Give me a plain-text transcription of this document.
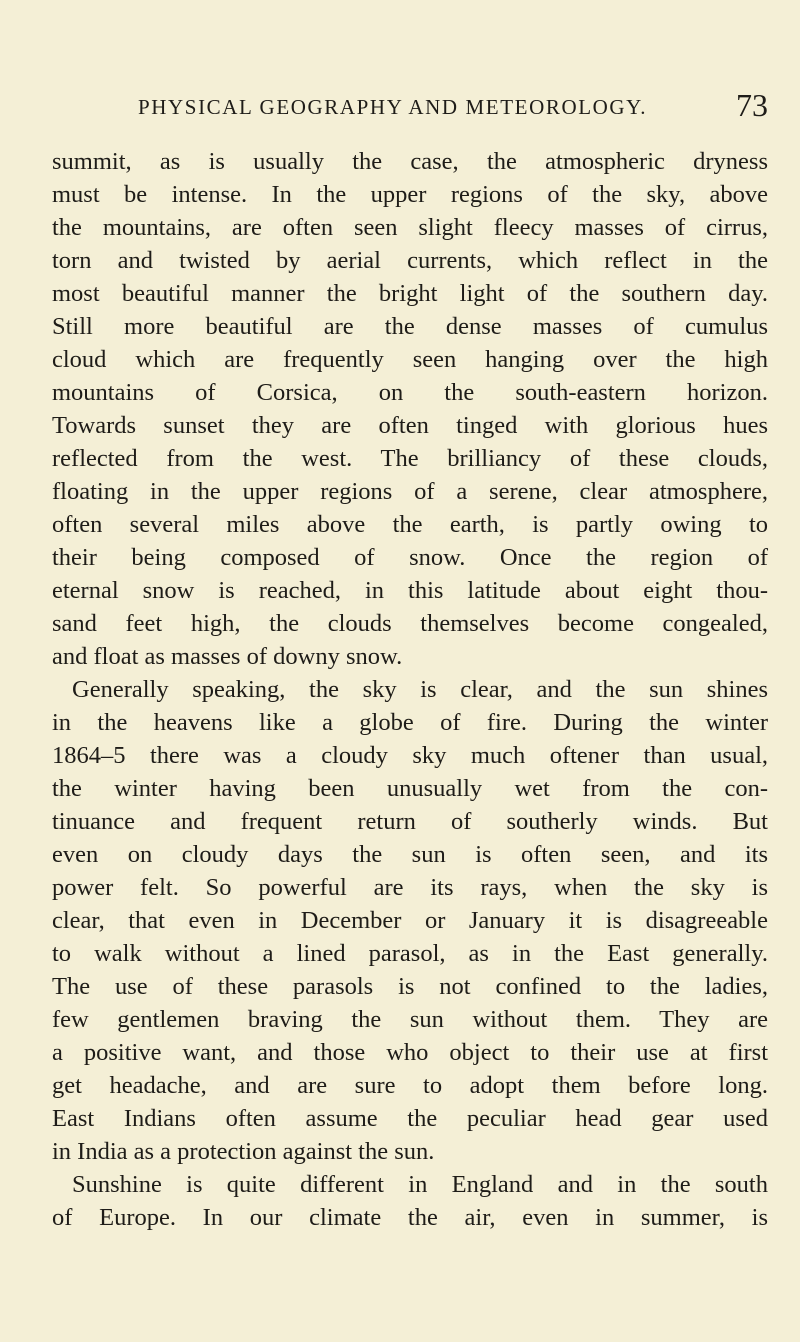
PHYSICAL GEOGRAPHY AND METEOROLOGY.	73
summit, as is usually the case, the atmospheric dryness
must be intense. In the upper regions of the sky, above
the mountains, are often seen slight fleecy masses of cirrus,
torn and twisted by aerial currents, which reflect in the
most beautiful manner the bright light of the southern day.
Still more beautiful are the dense masses of cumulus
cloud which are frequently seen hanging over the high
mountains of Corsica, on the south-eastern horizon.
Towards sunset they are often tinged with glorious hues
reflected from the west. The brilliancy of these clouds,
floating in the upper regions of a serene, clear atmosphere,
often several miles above the earth, is partly owing to
their being composed of snow. Once the region of
eternal snow is reached, in this latitude about eight thou-
sand feet high, the clouds themselves become congealed,
and float as masses of downy snow.
Generally speaking, the sky is clear, and the sun shines
in the heavens like a globe of fire. During the winter
1864–5 there was a cloudy sky much oftener than usual,
the winter having been unusually wet from the con-
tinuance and frequent return of southerly winds. But
even on cloudy days the sun is often seen, and its
power felt. So powerful are its rays, when the sky is
clear, that even in December or January it is disagreeable
to walk without a lined parasol, as in the East generally.
The use of these parasols is not confined to the ladies,
few gentlemen braving the sun without them. They are
a positive want, and those who object to their use at first
get headache, and are sure to adopt them before long.
East Indians often assume the peculiar head gear used
in India as a protection against the sun.
Sunshine is quite different in England and in the south
of Europe. In our climate the air, even in summer, is
